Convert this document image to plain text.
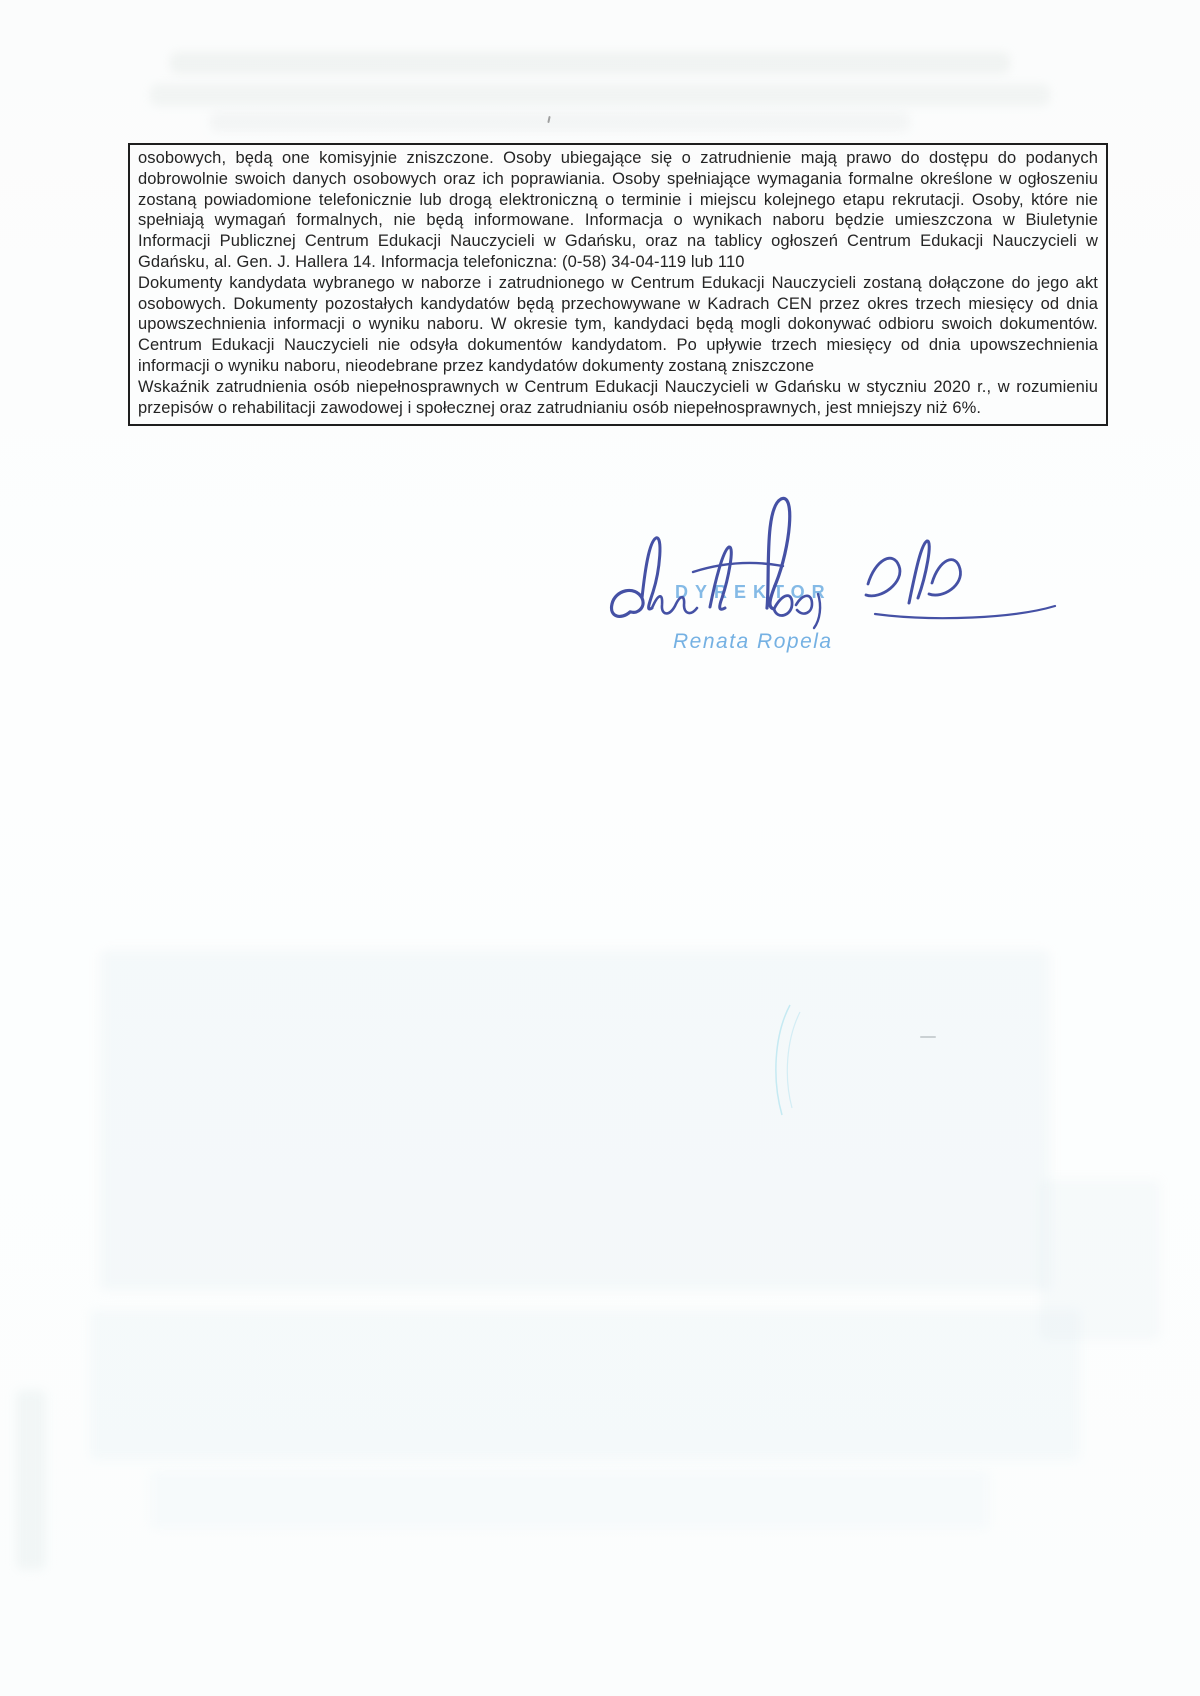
osobowych, będą one komisyjnie zniszczone. Osoby ubiegające się o zatrudnienie mają prawo do dostępu do podanych dobrowolnie swoich danych osobowych oraz ich poprawiania. Osoby spełniające wymagania formalne określone w ogłoszeniu zostaną powiadomione telefonicznie lub drogą elektroniczną o terminie i miejscu kolejnego etapu rekrutacji. Osoby, które nie spełniają wymagań formalnych, nie będą informowane. Informacja o wynikach naboru będzie umieszczona w Biuletynie Informacji Publicznej Centrum Edukacji Nauczycieli w Gdańsku, oraz na tablicy ogłoszeń Centrum Edukacji Nauczycieli w Gdańsku, al. Gen. J. Hallera 14. Informacja telefoniczna: (0-58) 34-04-119 lub 110

Dokumenty kandydata wybranego w naborze i zatrudnionego w Centrum Edukacji Nauczycieli zostaną dołączone do jego akt osobowych. Dokumenty pozostałych kandydatów będą przechowywane w Kadrach CEN przez okres trzech miesięcy od dnia upowszechnienia informacji o wyniku naboru. W okresie tym, kandydaci będą mogli dokonywać odbioru swoich dokumentów. Centrum Edukacji Nauczycieli nie odsyła dokumentów kandydatom. Po upływie trzech miesięcy od dnia upowszechnienia informacji o wyniku naboru, nieodebrane przez kandydatów dokumenty zostaną zniszczone

Wskaźnik zatrudnienia osób niepełnosprawnych w Centrum Edukacji Nauczycieli w Gdańsku w styczniu 2020 r., w rozumieniu przepisów o rehabilitacji zawodowej i społecznej oraz zatrudnianiu osób niepełnosprawnych, jest mniejszy niż 6%.

DYREKTOR
Renata Ropela
